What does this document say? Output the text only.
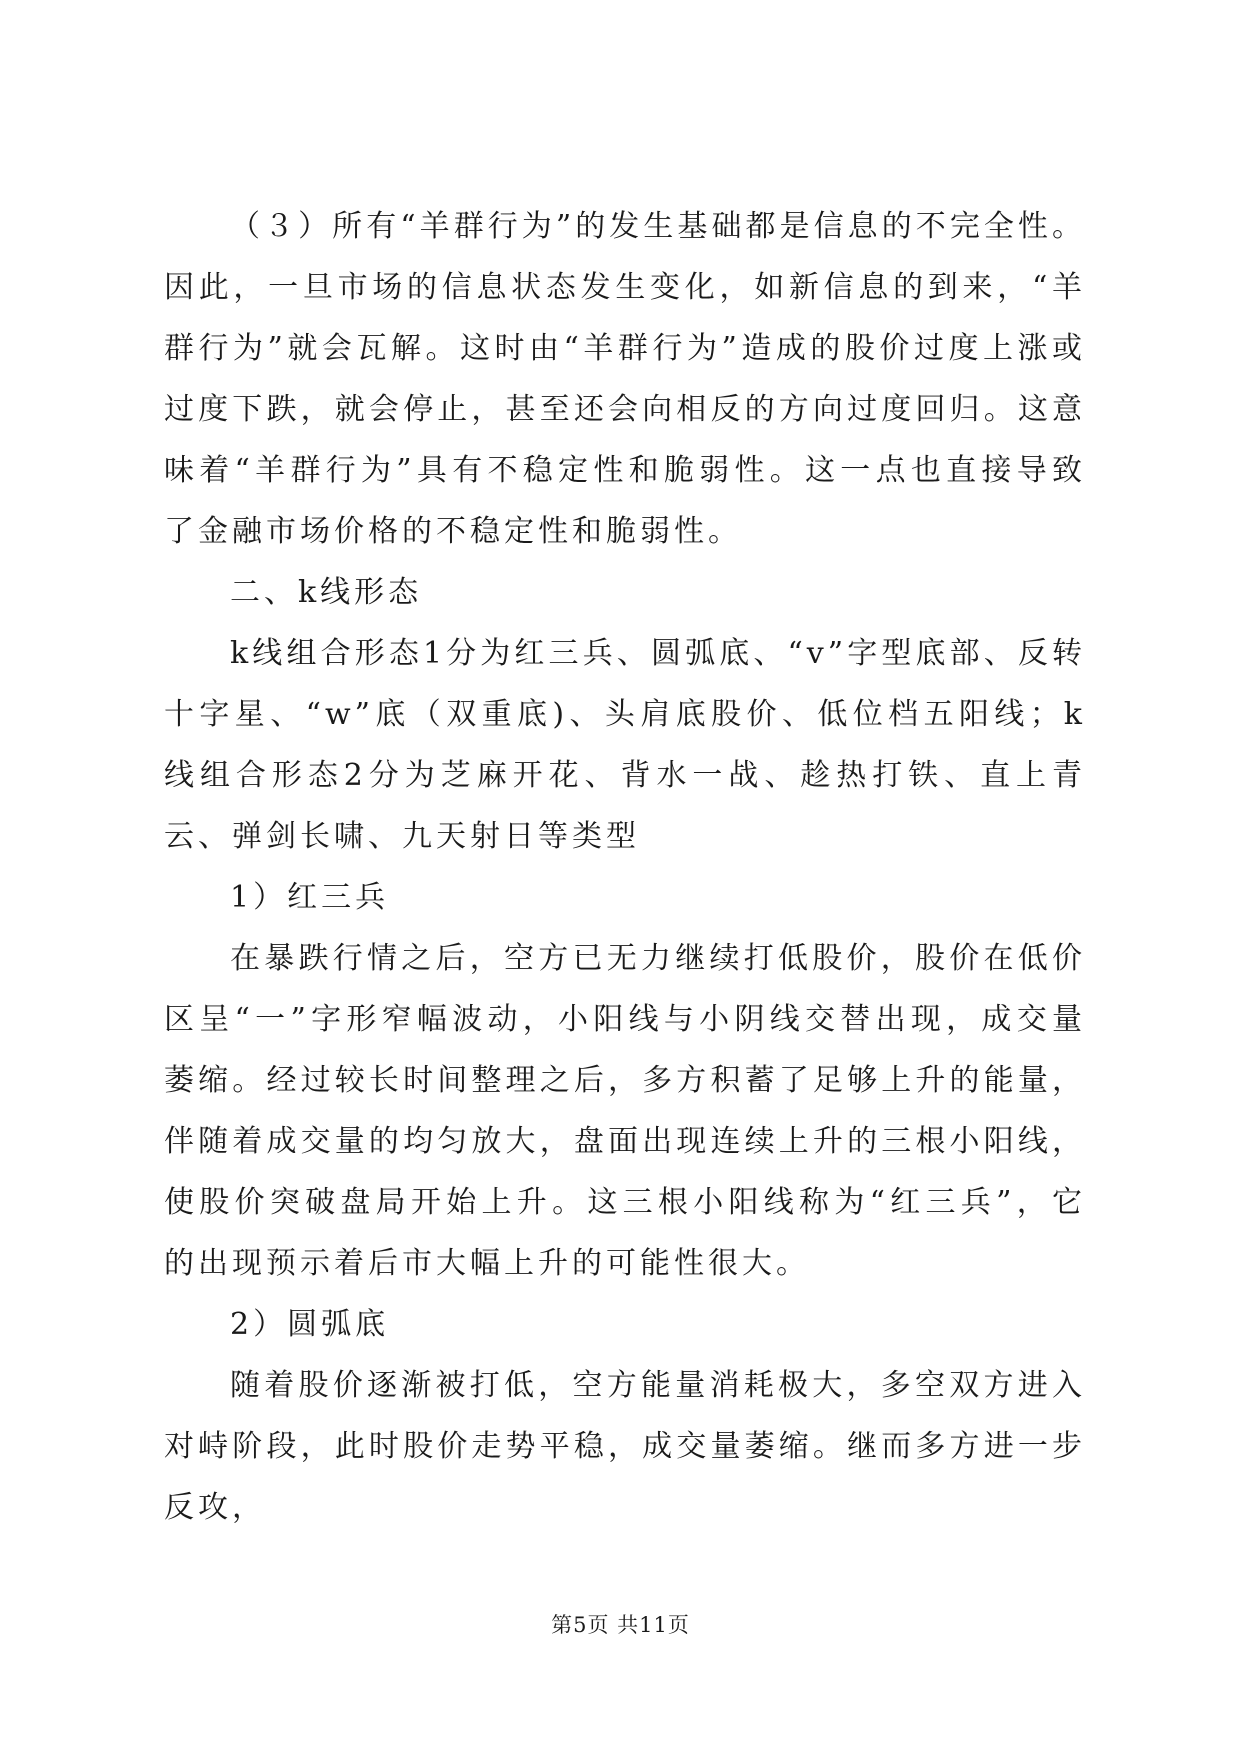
（３）所有“羊群行为”的发生基础都是信息的不完全性。因此，一旦市场的信息状态发生变化，如新信息的到来，“羊群行为”就会瓦解。这时由“羊群行为”造成的股价过度上涨或过度下跌，就会停止，甚至还会向相反的方向过度回归。这意味着“羊群行为”具有不稳定性和脆弱性。这一点也直接导致了金融市场价格的不稳定性和脆弱性。

二、k线形态

k线组合形态1分为红三兵、圆弧底、“v”字型底部、反转十字星、“w”底（双重底)、头肩底股价、低位档五阳线；k线组合形态2分为芝麻开花、背水一战、趁热打铁、直上青云、弹剑长啸、九天射日等类型

1）红三兵

在暴跌行情之后，空方已无力继续打低股价，股价在低价区呈“一”字形窄幅波动，小阳线与小阴线交替出现，成交量萎缩。经过较长时间整理之后，多方积蓄了足够上升的能量，伴随着成交量的均匀放大，盘面出现连续上升的三根小阳线，使股价突破盘局开始上升。这三根小阳线称为“红三兵”，它的出现预示着后市大幅上升的可能性很大。

2）圆弧底

随着股价逐渐被打低，空方能量消耗极大，多空双方进入对峙阶段，此时股价走势平稳，成交量萎缩。继而多方进一步反攻，

第5页 共11页
